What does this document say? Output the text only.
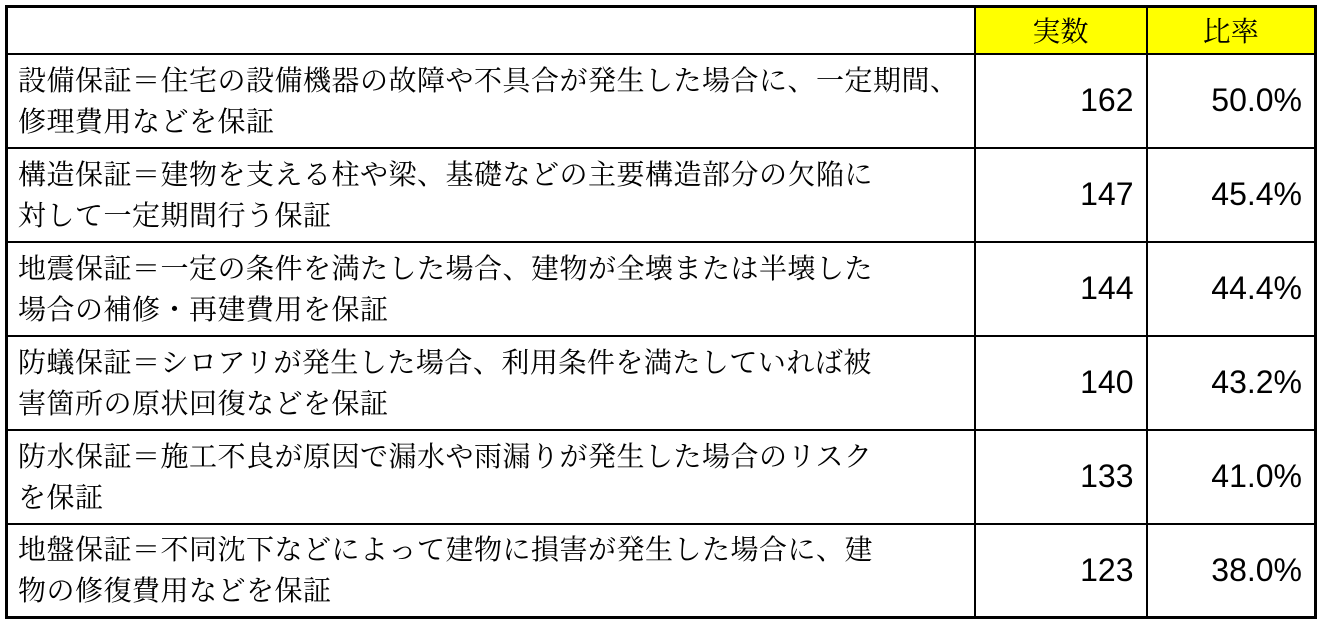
	実数	比率

設備保証＝住宅の設備機器の故障や不具合が発生した場合に、一定期間、
修理費用などを保証	162	50.0%

構造保証＝建物を支える柱や梁、基礎などの主要構造部分の欠陥に
対して一定期間行う保証	147	45.4%

地震保証＝一定の条件を満たした場合、建物が全壊または半壊した
場合の補修・再建費用を保証	144	44.4%

防蟻保証＝シロアリが発生した場合、利用条件を満たしていれば被
害箇所の原状回復などを保証	140	43.2%

防水保証＝施工不良が原因で漏水や雨漏りが発生した場合のリスク
を保証	133	41.0%

地盤保証＝不同沈下などによって建物に損害が発生した場合に、建
物の修復費用などを保証	123	38.0%
